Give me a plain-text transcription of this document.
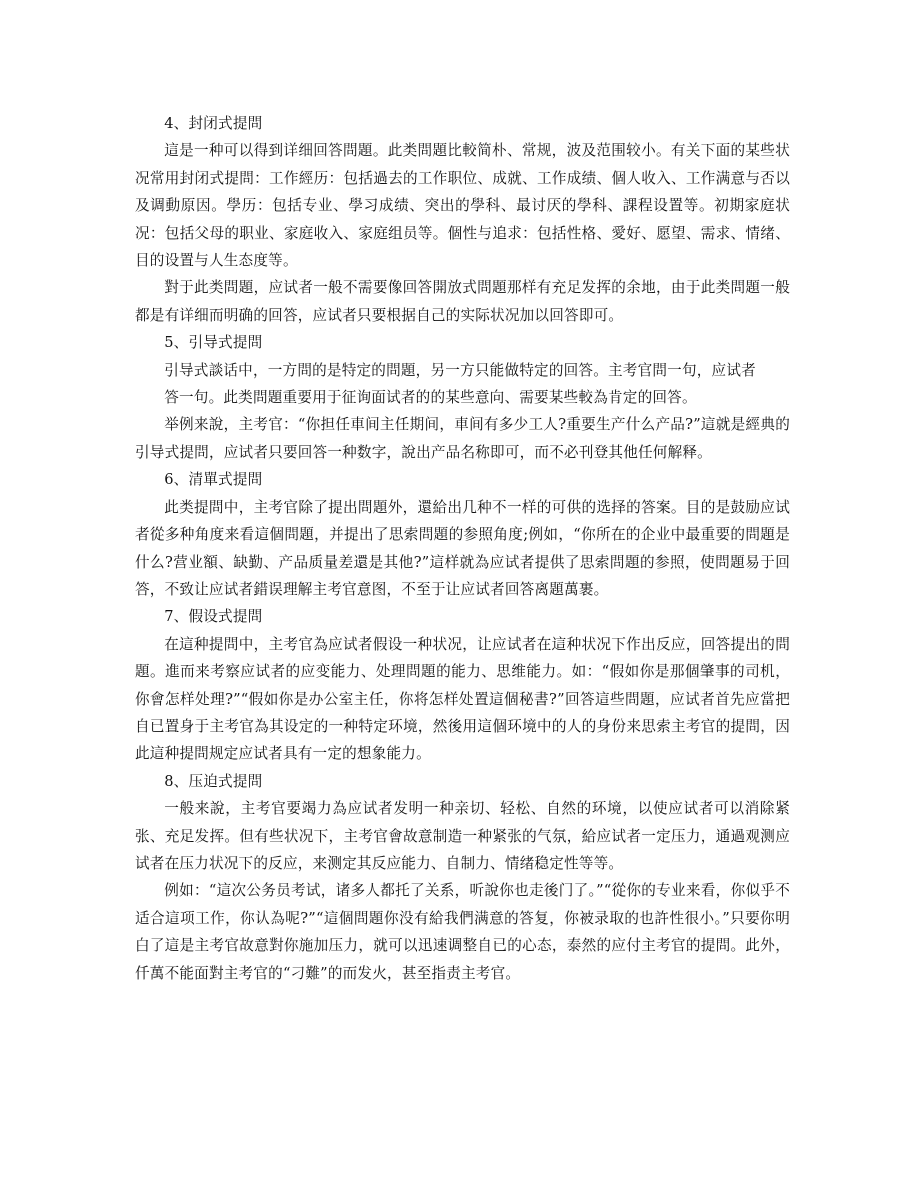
4、封闭式提問

這是一种可以得到详细回答問題。此类問題比較简朴、常规，波及范围较小。有关下面的某些状况常用封闭式提問：工作經历：包括過去的工作职位、成就、工作成绩、個人收入、工作满意与否以及调動原因。學历：包括专业、學习成绩、突出的學科、最讨厌的學科、課程设置等。初期家庭状况：包括父母的职业、家庭收入、家庭组员等。個性与追求：包括性格、愛好、愿望、需求、情绪、目的设置与人生态度等。

對于此类問題，应试者一般不需要像回答開放式問題那样有充足发挥的余地，由于此类問題一般都是有详细而明确的回答，应试者只要根据自己的实际状况加以回答即可。

5、引导式提問

引导式談话中，一方問的是特定的問題，另一方只能做特定的回答。主考官問一句，应试者

答一句。此类問題重要用于征询面试者的的某些意向、需要某些較為肯定的回答。

举例来說，主考官：“你担任車间主任期间，車间有多少工人?重要生产什么产品?”這就是經典的引导式提問，应试者只要回答一种数字，說出产品名称即可，而不必刊登其他任何解释。

6、清單式提問

此类提問中，主考官除了提出問題外，還給出几种不一样的可供的选择的答案。目的是鼓励应试者從多种角度来看這個問題，并提出了思索問題的参照角度;例如，“你所在的企业中最重要的問題是什么?营业額、缺勤、产品质量差還是其他?”這样就為应试者提供了思索問題的参照，使問題易于回答，不致让应试者錯误理解主考官意图，不至于让应试者回答离題萬裹。

7、假设式提問

在這种提問中，主考官為应试者假设一种状况，让应试者在這种状况下作出反应，回答提出的問題。進而来考察应试者的应变能力、处理問題的能力、思维能力。如：“假如你是那個肇事的司机，你會怎样处理?”“假如你是办公室主任，你将怎样处置這個秘書?”回答這些問題，应试者首先应當把自已置身于主考官為其设定的一种特定环境，然後用這個环境中的人的身份来思索主考官的提問，因此這种提問规定应试者具有一定的想象能力。

8、压迫式提問

一般来說，主考官要竭力為应试者发明一种亲切、轻松、自然的环境，以使应试者可以消除紧张、充足发挥。但有些状况下，主考官會故意制造一种紧张的气氛，給应试者一定压力，通過观测应试者在压力状况下的反应，来测定其反应能力、自制力、情绪稳定性等等。

例如：“這次公务员考试，诸多人都托了关系，听說你也走後门了。”“從你的专业来看，你似乎不适合這项工作，你认為呢?”“這個問題你没有給我們满意的答复，你被录取的也許性很小。”只要你明白了這是主考官故意對你施加压力，就可以迅速调整自已的心态，泰然的应付主考官的提問。此外，仟萬不能面對主考官的“刁難”的而发火，甚至指责主考官。
